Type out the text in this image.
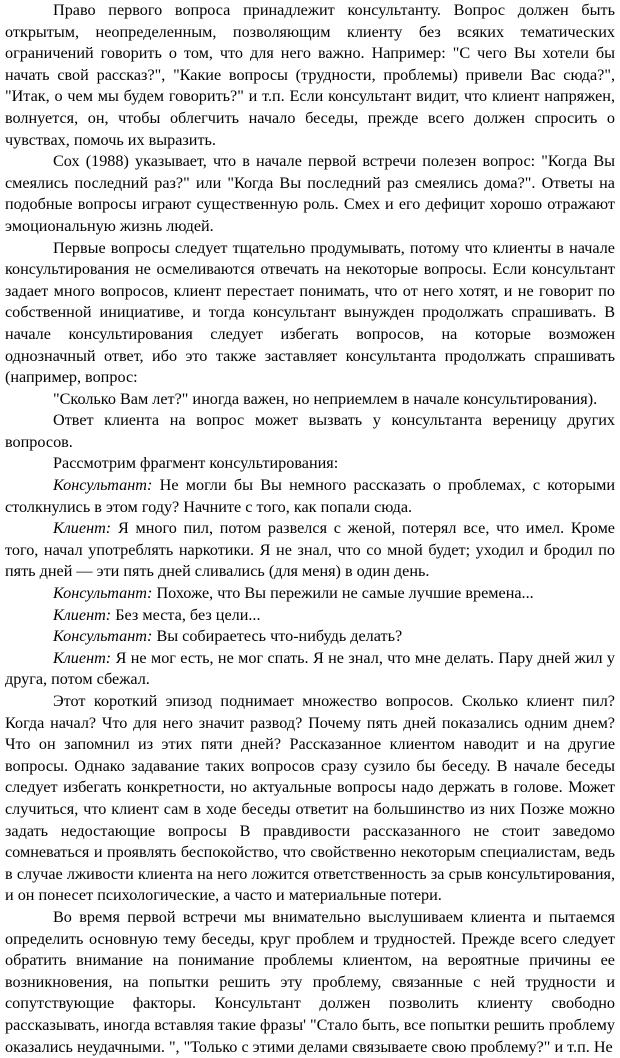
Право первого вопроса принадлежит консультанту. Вопрос должен быть открытым, неопределенным, позволяющим клиенту без всяких тематических ограничений говорить о том, что для него важно. Например: "С чего Вы хотели бы начать свой рассказ?", "Какие вопросы (трудности, проблемы) привели Вас сюда?", "Итак, о чем мы будем говорить?" и т.п. Если консультант видит, что клиент напряжен, волнуется, он, чтобы облегчить начало беседы, прежде всего должен спросить о чувствах, помочь их выразить.

Сох (1988) указывает, что в начале первой встречи полезен вопрос: "Когда Вы смеялись последний раз?" или "Когда Вы последний раз смеялись дома?". Ответы на подобные вопросы играют существенную роль. Смех и его дефицит хорошо отражают эмоциональную жизнь людей.

Первые вопросы следует тщательно продумывать, потому что клиенты в начале консультирования не осмеливаются отвечать на некоторые вопросы. Если консультант задает много вопросов, клиент перестает понимать, что от него хотят, и не говорит по собственной инициативе, и тогда консультант вынужден продолжать спрашивать. В начале консультирования следует избегать вопросов, на которые возможен однозначный ответ, ибо это также заставляет консультанта продолжать спрашивать (например, вопрос:

"Сколько Вам лет?" иногда важен, но неприемлем в начале консультирования).

Ответ клиента на вопрос может вызвать у консультанта вереницу других вопросов.

Рассмотрим фрагмент консультирования:

Консультант: Не могли бы Вы немного рассказать о проблемах, с которыми столкнулись в этом году? Начните с того, как попали сюда.

Клиент: Я много пил, потом развелся с женой, потерял все, что имел. Кроме того, начал употреблять наркотики. Я не знал, что со мной будет; уходил и бродил по пять дней — эти пять дней сливались (для меня) в один день.

Консультант: Похоже, что Вы пережили не самые лучшие времена...

Клиент: Без места, без цели...

Консультант: Вы собираетесь что-нибудь делать?

Клиент: Я не мог есть, не мог спать. Я не знал, что мне делать. Пару дней жил у друга, потом сбежал.

Этот короткий эпизод поднимает множество вопросов. Сколько клиент пил? Когда начал? Что для него значит развод? Почему пять дней показались одним днем? Что он запомнил из этих пяти дней? Рассказанное клиентом наводит и на другие вопросы. Однако задавание таких вопросов сразу сузило бы беседу. В начале беседы следует избегать конкретности, но актуальные вопросы надо держать в голове. Может случиться, что клиент сам в ходе беседы ответит на большинство из них Позже можно задать недостающие вопросы В правдивости рассказанного не стоит заведомо сомневаться и проявлять беспокойство, что свойственно некоторым специалистам, ведь в случае лживости клиента на него ложится ответственность за срыв консультирования, и он понесет психологические, а часто и материальные потери.

Во время первой встречи мы внимательно выслушиваем клиента и пытаемся определить основную тему беседы, круг проблем и трудностей. Прежде всего следует обратить внимание на понимание проблемы клиентом, на вероятные причины ее возникновения, на попытки решить эту проблему, связанные с ней трудности и сопутствующие факторы. Консультант должен позволить клиенту свободно рассказывать, иногда вставляя такие фразы' "Стало быть, все попытки решить проблему оказались неудачными. ", "Только с этими делами связываете свою проблему?" и т.п. Не
